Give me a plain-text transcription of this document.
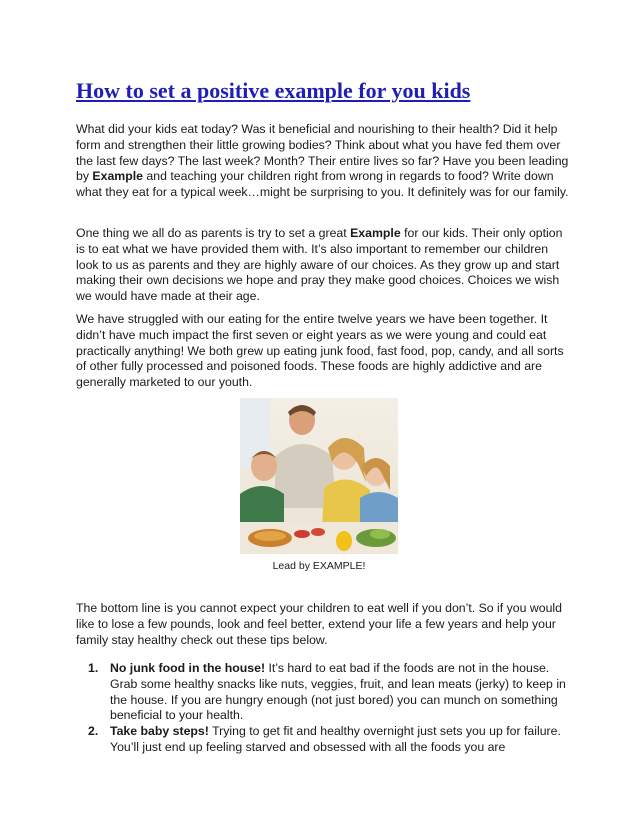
How to set a positive example for you kids

What did your kids eat today? Was it beneficial and nourishing to their health? Did it help form and strengthen their little growing bodies? Think about what you have fed them over the last few days? The last week? Month? Their entire lives so far? Have you been leading by Example and teaching your children right from wrong in regards to food? Write down what they eat for a typical week…might be surprising to you. It definitely was for our family.

One thing we all do as parents is try to set a great Example for our kids. Their only option is to eat what we have provided them with. It’s also important to remember our children look to us as parents and they are highly aware of our choices. As they grow up and start making their own decisions we hope and pray they make good choices. Choices we wish we would have made at their age.

We have struggled with our eating for the entire twelve years we have been together. It didn’t have much impact the first seven or eight years as we were young and could eat practically anything! We both grew up eating junk food, fast food, pop, candy, and all sorts of other fully processed and poisoned foods. These foods are highly addictive and are generally marketed to our youth.

Lead by EXAMPLE!

The bottom line is you cannot expect your children to eat well if you don’t. So if you would like to lose a few pounds, look and feel better, extend your life a few years and help your family stay healthy check out these tips below.

1. No junk food in the house! It’s hard to eat bad if the foods are not in the house. Grab some healthy snacks like nuts, veggies, fruit, and lean meats (jerky) to keep in the house. If you are hungry enough (not just bored) you can munch on something beneficial to your health.
2. Take baby steps! Trying to get fit and healthy overnight just sets you up for failure. You’ll just end up feeling starved and obsessed with all the foods you are
